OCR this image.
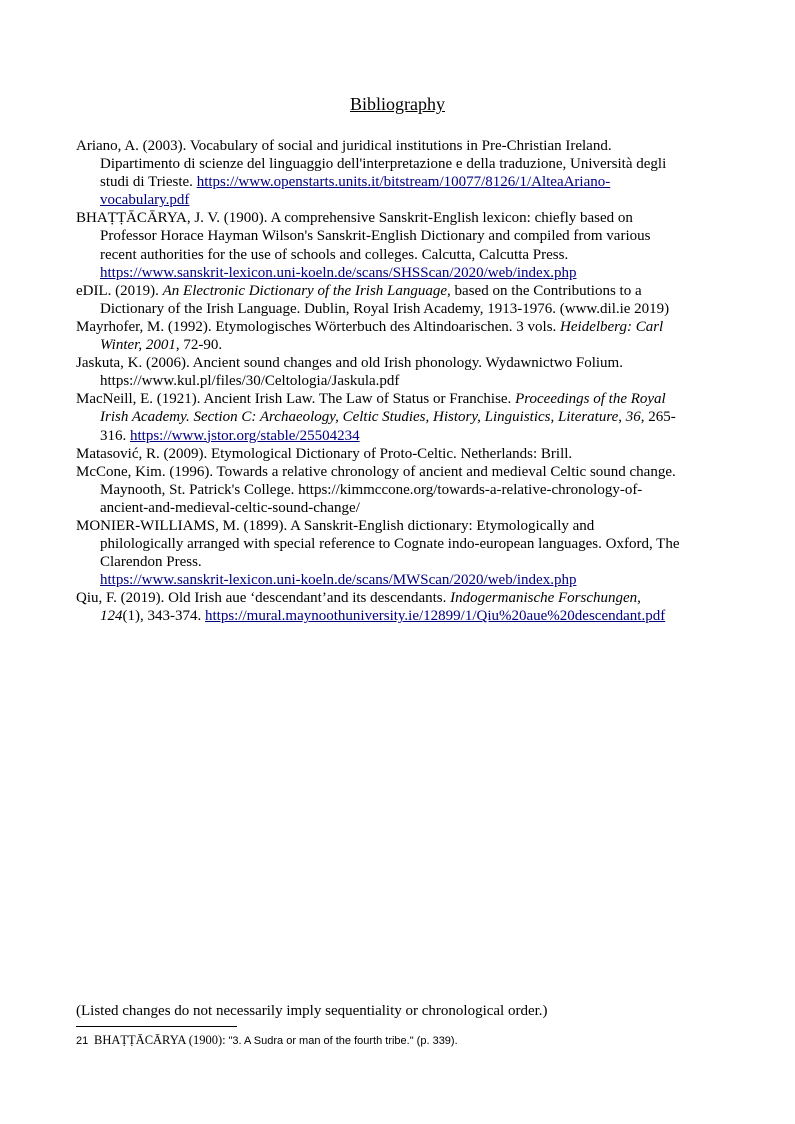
Bibliography
Ariano, A. (2003). Vocabulary of social and juridical institutions in Pre-Christian Ireland.
Dipartimento di scienze del linguaggio dell'interpretazione e della traduzione, Università degli
studi di Trieste. https://www.openstarts.units.it/bitstream/10077/8126/1/AlteaAriano-
vocabulary.pdf
BHAṬṬĀCĀRYA, J. V. (1900). A comprehensive Sanskrit-English lexicon: chiefly based on
Professor Horace Hayman Wilson's Sanskrit-English Dictionary and compiled from various
recent authorities for the use of schools and colleges. Calcutta, Calcutta Press.
https://www.sanskrit-lexicon.uni-koeln.de/scans/SHSScan/2020/web/index.php
eDIL. (2019). An Electronic Dictionary of the Irish Language, based on the Contributions to a
Dictionary of the Irish Language. Dublin, Royal Irish Academy, 1913-1976. (www.dil.ie 2019)
Mayrhofer, M. (1992). Etymologisches Wörterbuch des Altindoarischen. 3 vols. Heidelberg: Carl
Winter, 2001, 72-90.
Jaskuta, K. (2006). Ancient sound changes and old Irish phonology. Wydawnictwo Folium.
https://www.kul.pl/files/30/Celtologia/Jaskula.pdf
MacNeill, E. (1921). Ancient Irish Law. The Law of Status or Franchise. Proceedings of the Royal
Irish Academy. Section C: Archaeology, Celtic Studies, History, Linguistics, Literature, 36, 265-
316. https://www.jstor.org/stable/25504234
Matasović, R. (2009). Etymological Dictionary of Proto-Celtic. Netherlands: Brill.
McCone, Kim. (1996). Towards a relative chronology of ancient and medieval Celtic sound change.
Maynooth, St. Patrick's College. https://kimmccone.org/towards-a-relative-chronology-of-
ancient-and-medieval-celtic-sound-change/
MONIER-WILLIAMS, M. (1899). A Sanskrit-English dictionary: Etymologically and
philologically arranged with special reference to Cognate indo-european languages. Oxford, The
Clarendon Press.
https://www.sanskrit-lexicon.uni-koeln.de/scans/MWScan/2020/web/index.php
Qiu, F. (2019). Old Irish aue ‘descendant’and its descendants. Indogermanische Forschungen,
124(1), 343-374. https://mural.maynoothuniversity.ie/12899/1/Qiu%20aue%20descendant.pdf
(Listed changes do not necessarily imply sequentiality or chronological order.)
21 BHAṬṬĀCĀRYA (1900): "3. A Sudra or man of the fourth tribe." (p. 339).
